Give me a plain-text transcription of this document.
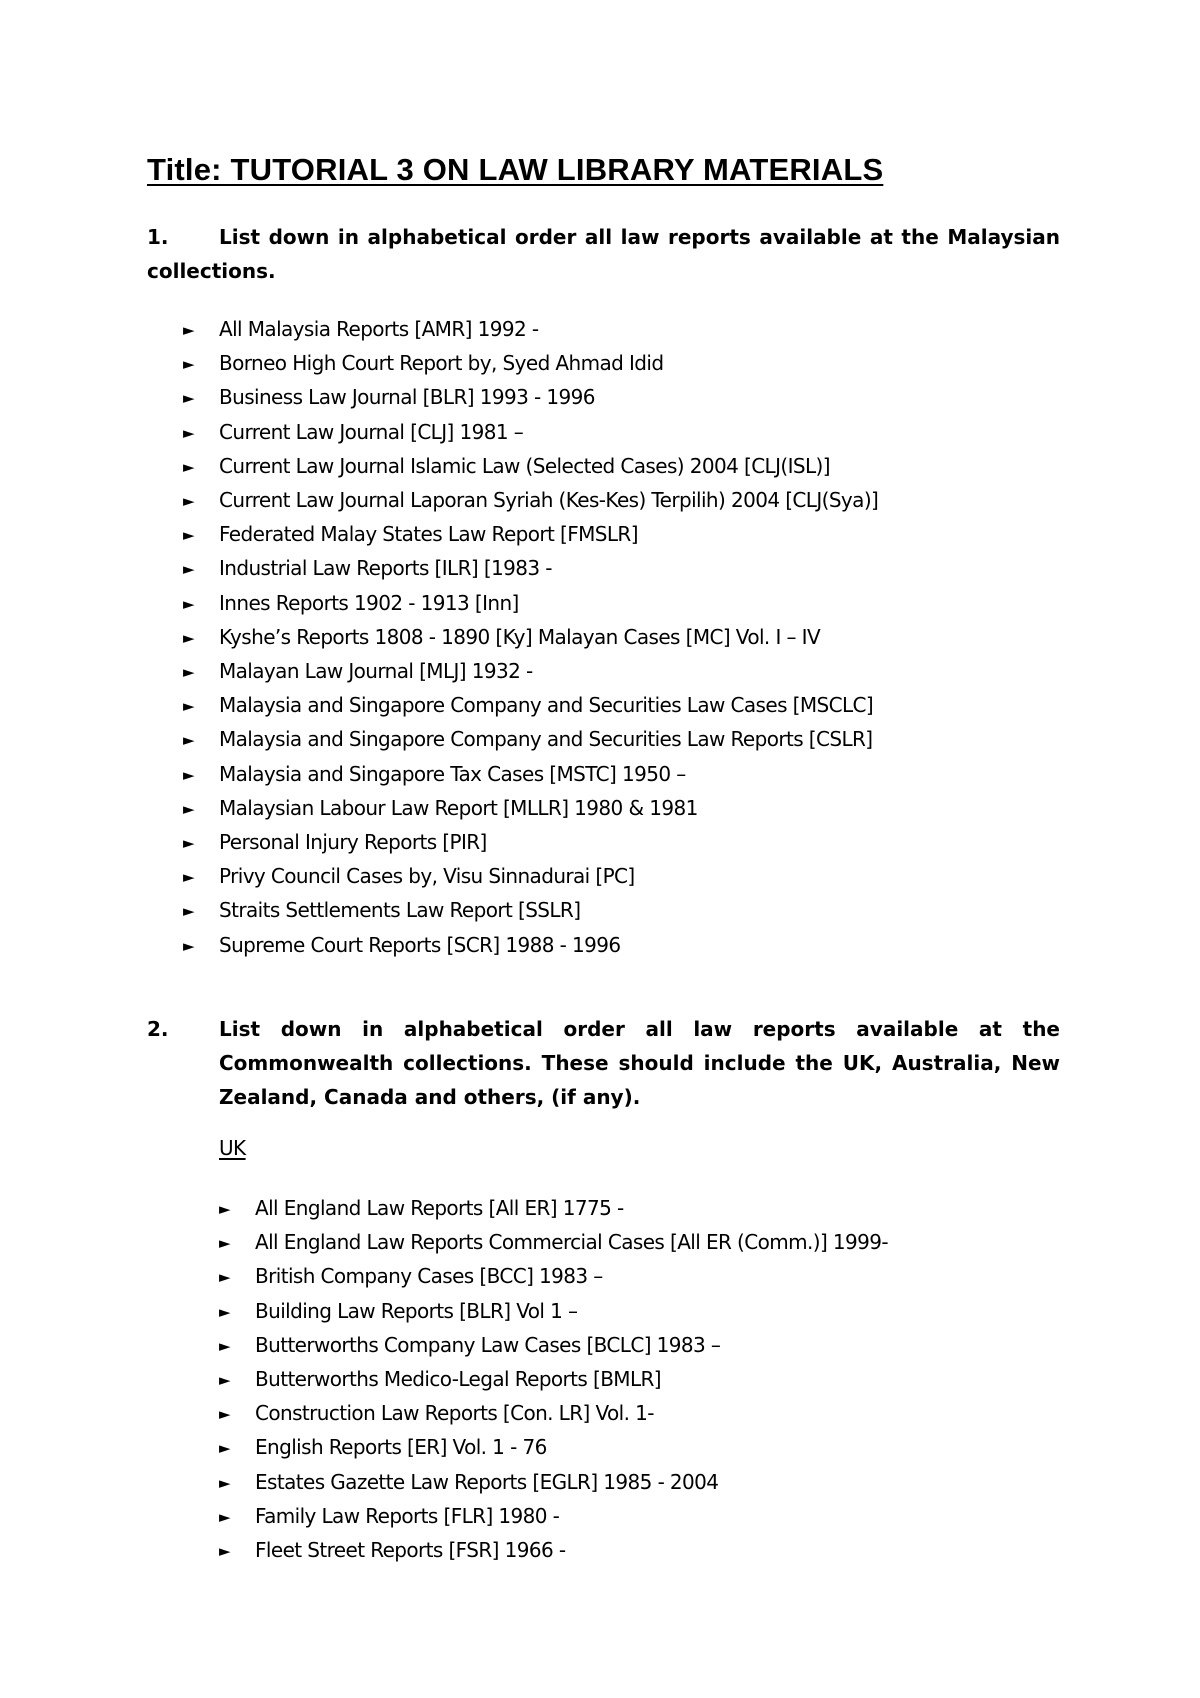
Title: TUTORIAL 3 ON LAW LIBRARY MATERIALS
1.	List down in alphabetical order all law reports available at the Malaysian collections.
► All Malaysia Reports [AMR] 1992 -
► Borneo High Court Report by, Syed Ahmad Idid
► Business Law Journal [BLR] 1993 - 1996
► Current Law Journal [CLJ] 1981 –
► Current Law Journal Islamic Law (Selected Cases) 2004 [CLJ(ISL)]
► Current Law Journal Laporan Syriah (Kes-Kes) Terpilih) 2004 [CLJ(Sya)]
► Federated Malay States Law Report [FMSLR]
► Industrial Law Reports [ILR] [1983 -
► Innes Reports 1902 - 1913 [Inn]
► Kyshe’s Reports 1808 - 1890 [Ky] Malayan Cases [MC] Vol. I – IV
► Malayan Law Journal [MLJ] 1932 -
► Malaysia and Singapore Company and Securities Law Cases [MSCLC]
► Malaysia and Singapore Company and Securities Law Reports [CSLR]
► Malaysia and Singapore Tax Cases [MSTC] 1950 –
► Malaysian Labour Law Report [MLLR] 1980 & 1981
► Personal Injury Reports [PIR]
► Privy Council Cases by, Visu Sinnadurai [PC]
► Straits Settlements Law Report [SSLR]
► Supreme Court Reports [SCR] 1988 - 1996
2.	List down in alphabetical order all law reports available at the Commonwealth collections. These should include the UK, Australia, New Zealand, Canada and others, (if any).
UK
► All England Law Reports [All ER] 1775 -
► All England Law Reports Commercial Cases [All ER (Comm.)] 1999-
► British Company Cases [BCC] 1983 –
► Building Law Reports [BLR] Vol 1 –
► Butterworths Company Law Cases [BCLC] 1983 –
► Butterworths Medico-Legal Reports [BMLR]
► Construction Law Reports [Con. LR] Vol. 1-
► English Reports [ER] Vol. 1 - 76
► Estates Gazette Law Reports [EGLR] 1985 - 2004
► Family Law Reports [FLR] 1980 -
► Fleet Street Reports [FSR] 1966 -
